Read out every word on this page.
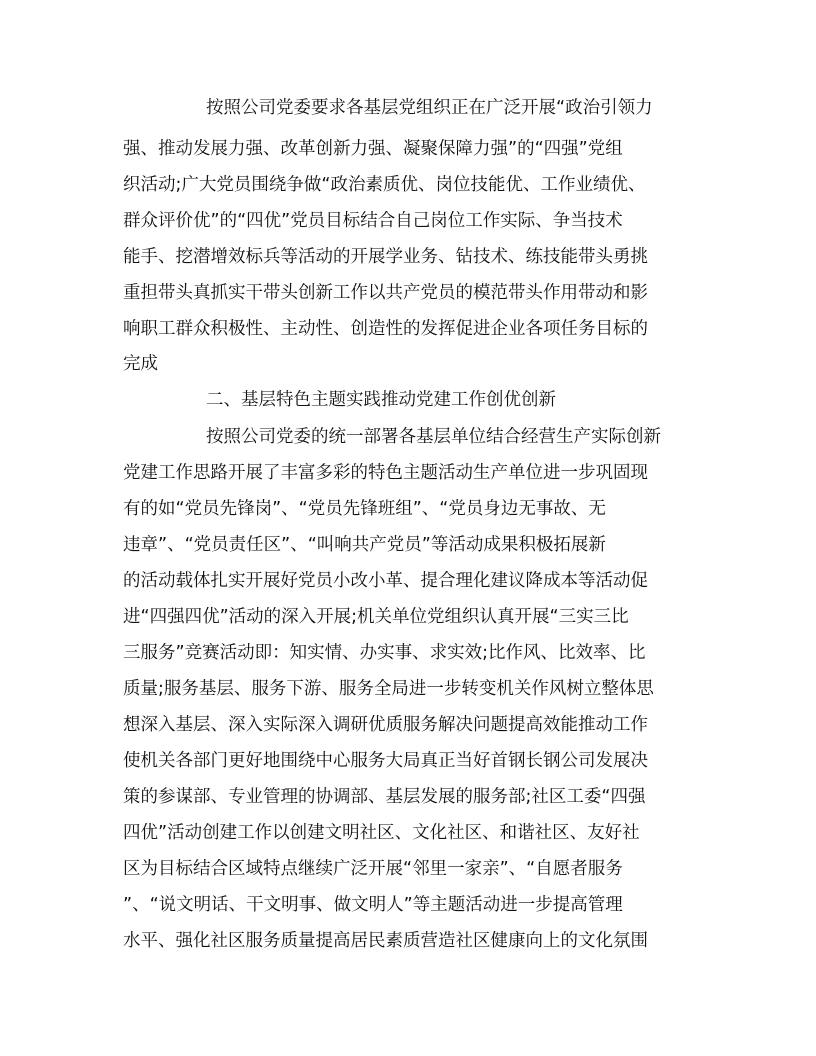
按照公司党委要求各基层党组织正在广泛开展“政治引领力
强、推动发展力强、改革创新力强、凝聚保障力强”的“四强”党组
织活动;广大党员围绕争做“政治素质优、岗位技能优、工作业绩优、
群众评价优”的“四优”党员目标结合自己岗位工作实际、争当技术
能手、挖潜增效标兵等活动的开展学业务、钻技术、练技能带头勇挑
重担带头真抓实干带头创新工作以共产党员的模范带头作用带动和影
响职工群众积极性、主动性、创造性的发挥促进企业各项任务目标的
完成
二、基层特色主题实践推动党建工作创优创新
按照公司党委的统一部署各基层单位结合经营生产实际创新
党建工作思路开展了丰富多彩的特色主题活动生产单位进一步巩固现
有的如“党员先锋岗”、“党员先锋班组”、“党员身边无事故、无
违章”、“党员责任区”、“叫响共产党员”等活动成果积极拓展新
的活动载体扎实开展好党员小改小革、提合理化建议降成本等活动促
进“四强四优”活动的深入开展;机关单位党组织认真开展“三实三比
三服务”竞赛活动即：知实情、办实事、求实效;比作风、比效率、比
质量;服务基层、服务下游、服务全局进一步转变机关作风树立整体思
想深入基层、深入实际深入调研优质服务解决问题提高效能推动工作
使机关各部门更好地围绕中心服务大局真正当好首钢长钢公司发展决
策的参谋部、专业管理的协调部、基层发展的服务部;社区工委“四强
四优”活动创建工作以创建文明社区、文化社区、和谐社区、友好社
区为目标结合区域特点继续广泛开展“邻里一家亲”、“自愿者服务
”、“说文明话、干文明事、做文明人”等主题活动进一步提高管理
水平、强化社区服务质量提高居民素质营造社区健康向上的文化氛围
